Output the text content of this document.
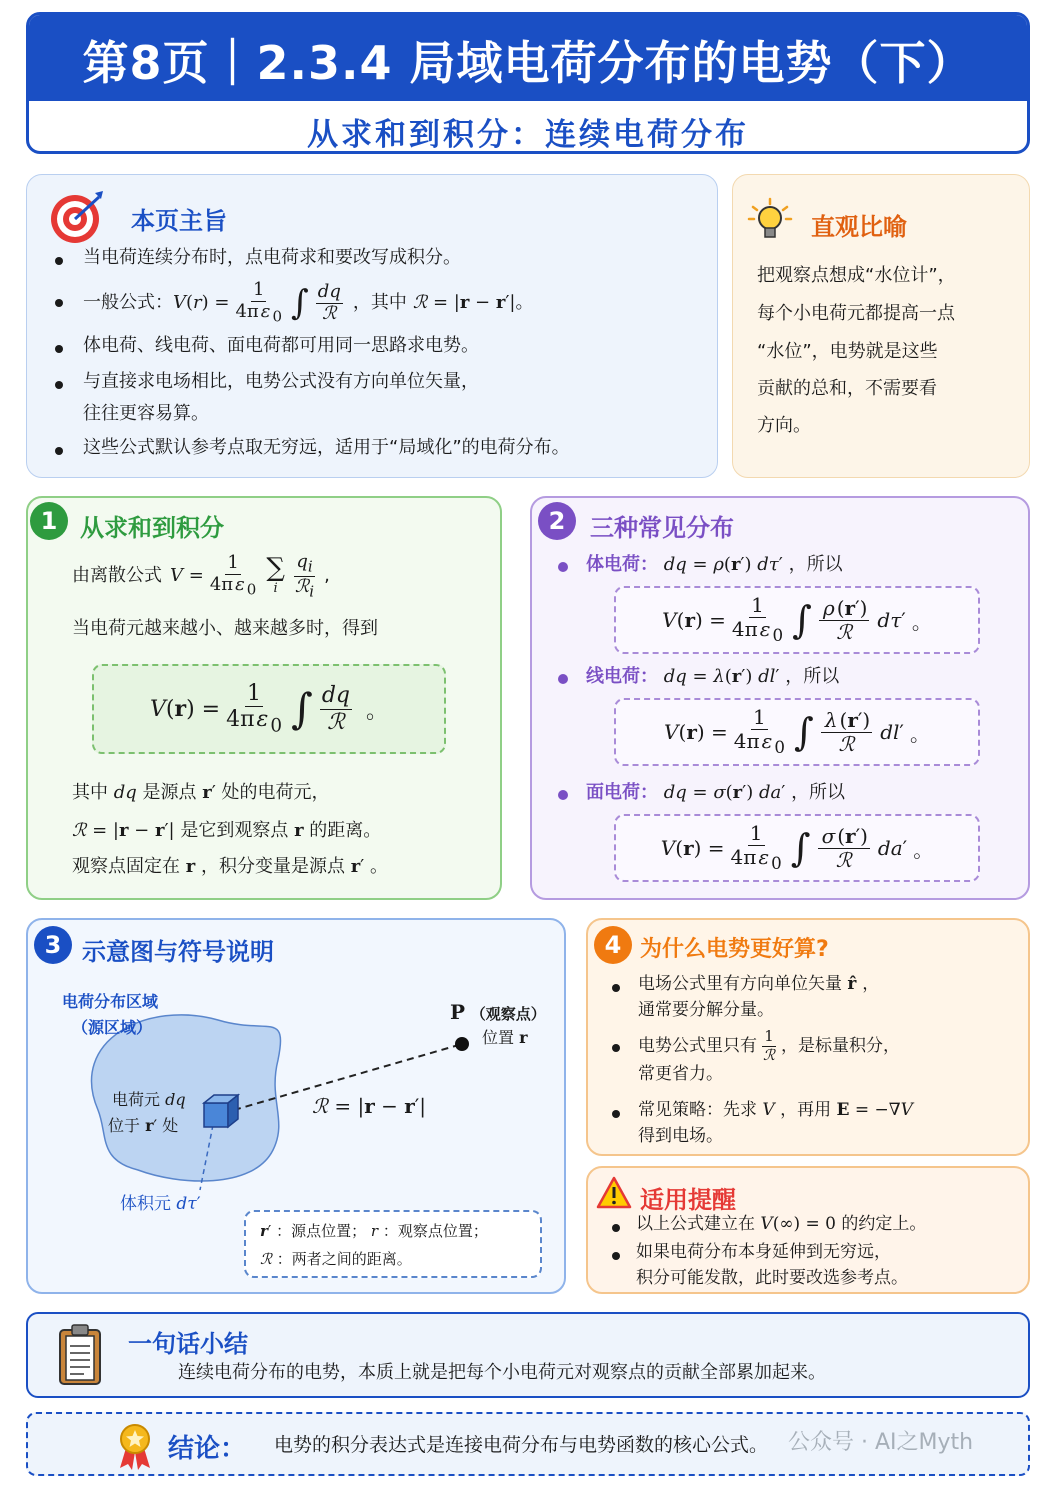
第8页｜2.3.4 局域电荷分布的电势（下）
从求和到积分：连续电荷分布
本页主旨
当电荷连续分布时，点电荷求和要改写成积分。
一般公式： $V(r) = \frac{1}{4\pi \varepsilon _0}$ ∫ $\frac{dq}{\text{ℛ}}$ ，其中 ℛ = |r − r′| 。
体电荷、线电荷、面电荷都可用同一思路求电势。
与直接求电场相比，电势公式没有方向单位矢量，
往往更容易算。
这些公式默认参考点取无穷远，适用于“局域化”的电荷分布。
直观比喻
把观察点想成“水位计”，
每个小电荷元都提高一点
“水位”，电势就是这些
贡献的总和，不需要看
方向。
1 从求和到积分
由离散公式 $V = \frac{1}{4\pi \varepsilon _0}$ ∑
i $\frac{q_i}{ℛ_i}$ ,
当电荷元越来越小、越来越多时，得到
$V(r) = \frac{1}{4\pi\varepsilon _0}$ ∫ $\frac{dq}{\text{ℛ}}$ 。
其中 dq 是源点 r′ 处的电荷元，
ℛ = |r − r′| 是它到观察点 r 的距离。
观察点固定在 r ，积分变量是源点 r′ 。
2	三种常见分布
体电荷： dq = ρ(r′) dτ′ ，所以
$V(r) = \frac{1}{4\pi \varepsilon _0}$ ∫ $\frac{\rho (r')}{\text{ℛ}}$ dτ ′ 。
线电荷： dq = λ(r′) dl′ ，所以
$V(r) = \frac{1}{4\pi \varepsilon _0}$ ∫ $\frac{\lambda (r')}{\text{ℛ}}$ dl ′ 。
面电荷： dq = σ(r′) da′ ，所以
$V(r) = \frac{1}{4\pi \varepsilon _0}$ ∫ $\frac{\sigma (r')}{\text{ℛ}}$ da ′ 。
3 示意图与符号说明
电荷分布区域
（源区域）
电荷元 dq
位于 r′ 处
体积元 dτ′
P （观察点）
位置 r
ℛ = |r − r′|
r′ ：源点位置； r ：观察点位置；
ℛ ：两者之间的距离。
4 为什么电势更好算?
电场公式里有方向单位矢量 r̂ ，
通常要分解分量。
电势公式里只有 $\frac{1}{\text{ℛ}}$ ，是标量积分，
常更省力。
常见策略：先求 V ，再用 E = −∇V
得到电场。
适用提醒
以上公式建立在 V(∞) = 0 的约定上。
如果电荷分布本身延伸到无穷远，
积分可能发散，此时要改选参考点。
一句话小结
连续电荷分布的电势，本质上就是把每个小电荷元对观察点的贡献全部累加起来。
结论： 电势的积分表达式是连接电荷分布与电势函数的核心公式。 公众号 · AI之Myth
